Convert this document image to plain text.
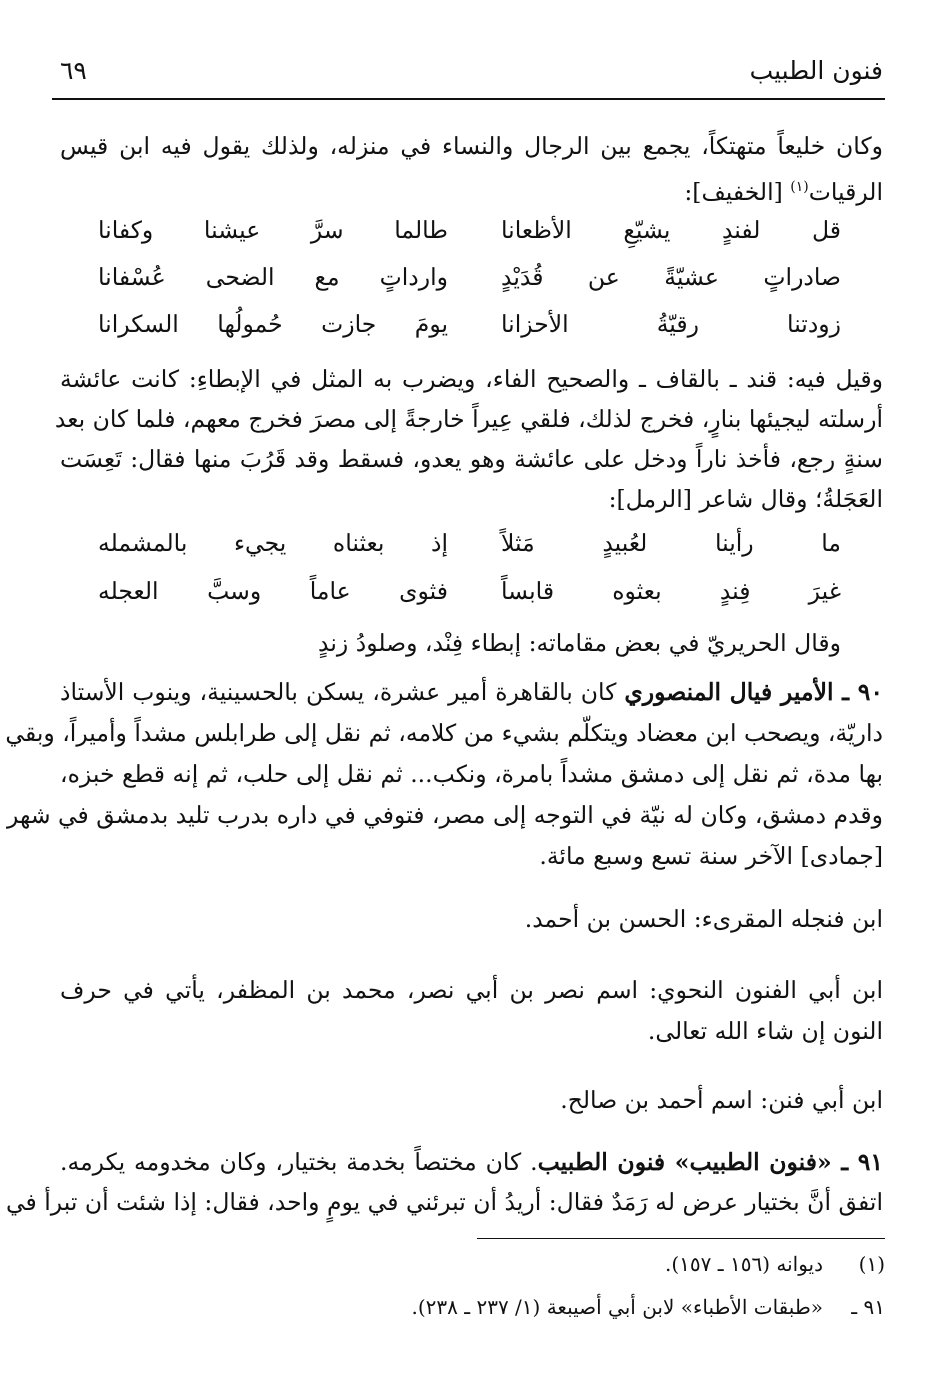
فنون الطبيب
٦٩
وكان خليعاً متهتكاً، يجمع بين الرجال والنساء في منزله، ولذلك يقول فيه ابن قيس
الرقيات$^{(١)}$ [الخفيف]:
قل لفندٍ يشيّعِ الأظعانا
طالما سرَّ عيشنا وكفانا
صادراتٍ عشيّةً عن قُدَيْدٍ
وارداتٍ مع الضحى عُسْفانا
زودتنا رقيّةُ الأحزانا
يومَ جازت حُمولُها السكرانا
وقيل فيه: قند ـ بالقاف ـ والصحيح الفاء، ويضرب به المثل في الإبطاءِ: كانت عائشة
أرسلته ليجيئها بنارٍ، فخرج لذلك، فلقي عِيراً خارجةً إلى مصرَ فخرج معهم، فلما كان بعد
سنةٍ رجع، فأخذ ناراً ودخل على عائشة وهو يعدو، فسقط وقد قَرُبَ منها فقال: تَعِسَت
العَجَلةُ؛ وقال شاعر [الرمل]:
ما رأينا لعُبيدٍ مَثلاً
إذ بعثناه يجيء بالمشمله
غيرَ فِندٍ بعثوه قابساً
فثوى عاماً وسبَّ العجله
وقال الحريريّ في بعض مقاماته: إبطاء فِنْد، وصلودُ زندٍ
٩٠ ـ الأمير فيال المنصوري كان بالقاهرة أمير عشرة، يسكن بالحسينية، وينوب الأستاذ
داريّة، ويصحب ابن معضاد ويتكلّم بشيء من كلامه، ثم نقل إلى طرابلس مشداً وأميراً، وبقي
بها مدة، ثم نقل إلى دمشق مشداً بامرة، ونكب... ثم نقل إلى حلب، ثم إنه قطع خبزه،
وقدم دمشق، وكان له نيّة في التوجه إلى مصر، فتوفي في داره بدرب تليد بدمشق في شهر
[جمادى] الآخر سنة تسع وسبع مائة.
ابن فنجله المقرىء: الحسن بن أحمد.
ابن أبي الفنون النحوي: اسم نصر بن أبي نصر، محمد بن المظفر، يأتي في حرف
النون إن شاء الله تعالى.
ابن أبي فنن: اسم أحمد بن صالح.
٩١ ـ «فنون الطبيب» فنون الطبيب. كان مختصاً بخدمة بختيار، وكان مخدومه يكرمه.
اتفق أنَّ بختيار عرض له رَمَدٌ فقال: أريدُ أن تبرئني في يومٍ واحد، فقال: إذا شئت أن تبرأ في
(١)ديوانه (١٥٦ ـ ١٥٧).
٩١ ـ«طبقات الأطباء» لابن أبي أصيبعة (١/ ٢٣٧ ـ ٢٣٨).
